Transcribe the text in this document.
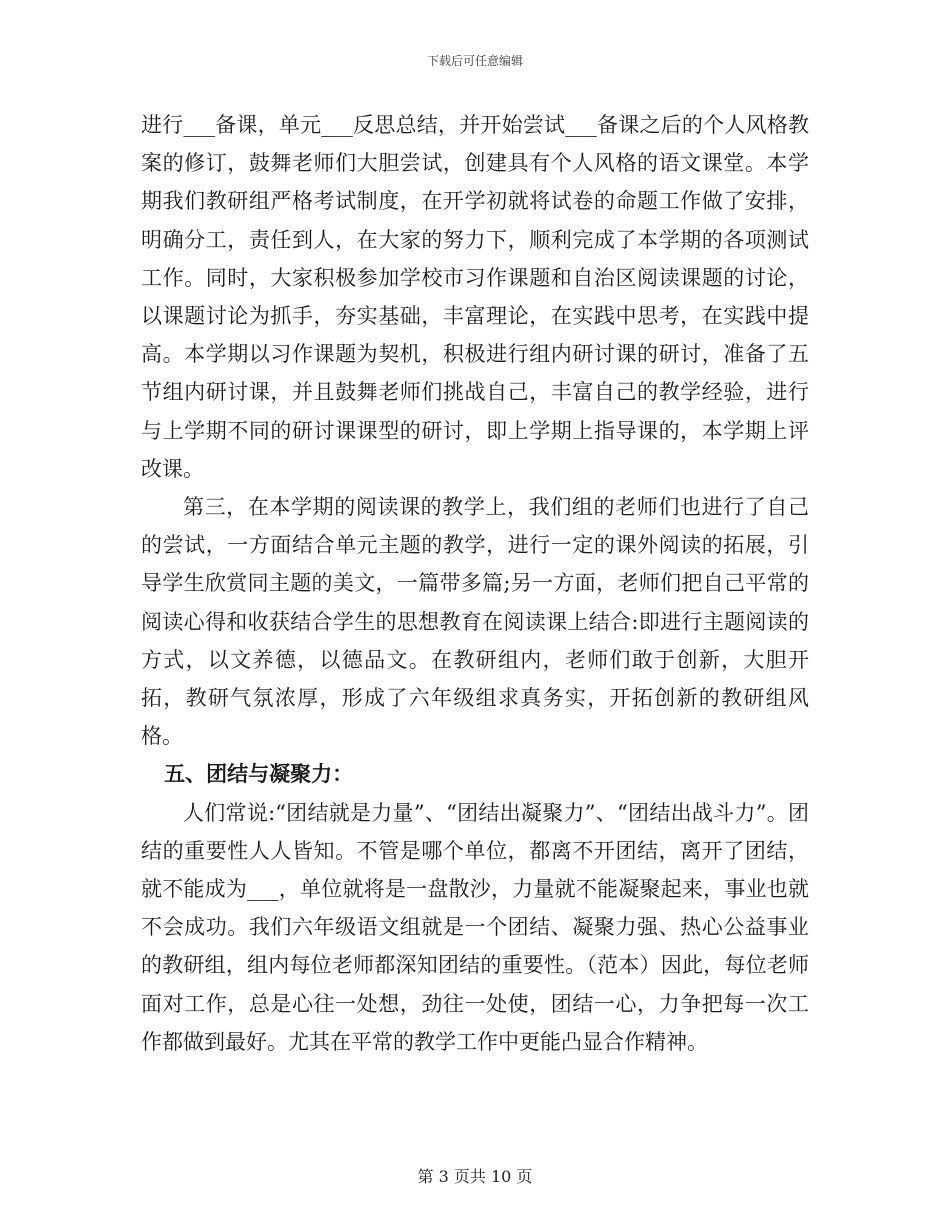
下载后可任意编辑

进行___备课，单元___反思总结，并开始尝试___备课之后的个人风格教案的修订，鼓舞老师们大胆尝试，创建具有个人风格的语文课堂。本学期我们教研组严格考试制度，在开学初就将试卷的命题工作做了安排，明确分工，责任到人，在大家的努力下，顺利完成了本学期的各项测试工作。同时，大家积极参加学校市习作课题和自治区阅读课题的讨论，以课题讨论为抓手，夯实基础，丰富理论，在实践中思考，在实践中提高。本学期以习作课题为契机，积极进行组内研讨课的研讨，准备了五节组内研讨课，并且鼓舞老师们挑战自己，丰富自己的教学经验，进行与上学期不同的研讨课课型的研讨，即上学期上指导课的，本学期上评改课。

第三，在本学期的阅读课的教学上，我们组的老师们也进行了自己的尝试，一方面结合单元主题的教学，进行一定的课外阅读的拓展，引导学生欣赏同主题的美文，一篇带多篇;另一方面，老师们把自己平常的阅读心得和收获结合学生的思想教育在阅读课上结合:即进行主题阅读的方式，以文养德，以德品文。在教研组内，老师们敢于创新，大胆开拓，教研气氛浓厚，形成了六年级组求真务实，开拓创新的教研组风格。

五、团结与凝聚力：

人们常说:“团结就是力量”、“团结出凝聚力”、“团结出战斗力”。团结的重要性人人皆知。不管是哪个单位，都离不开团结，离开了团结，就不能成为___，单位就将是一盘散沙，力量就不能凝聚起来，事业也就不会成功。我们六年级语文组就是一个团结、凝聚力强、热心公益事业的教研组，组内每位老师都深知团结的重要性。（范本）因此，每位老师面对工作，总是心往一处想，劲往一处使，团结一心，力争把每一次工作都做到最好。尤其在平常的教学工作中更能凸显合作精神。

第 3 页共 10 页
